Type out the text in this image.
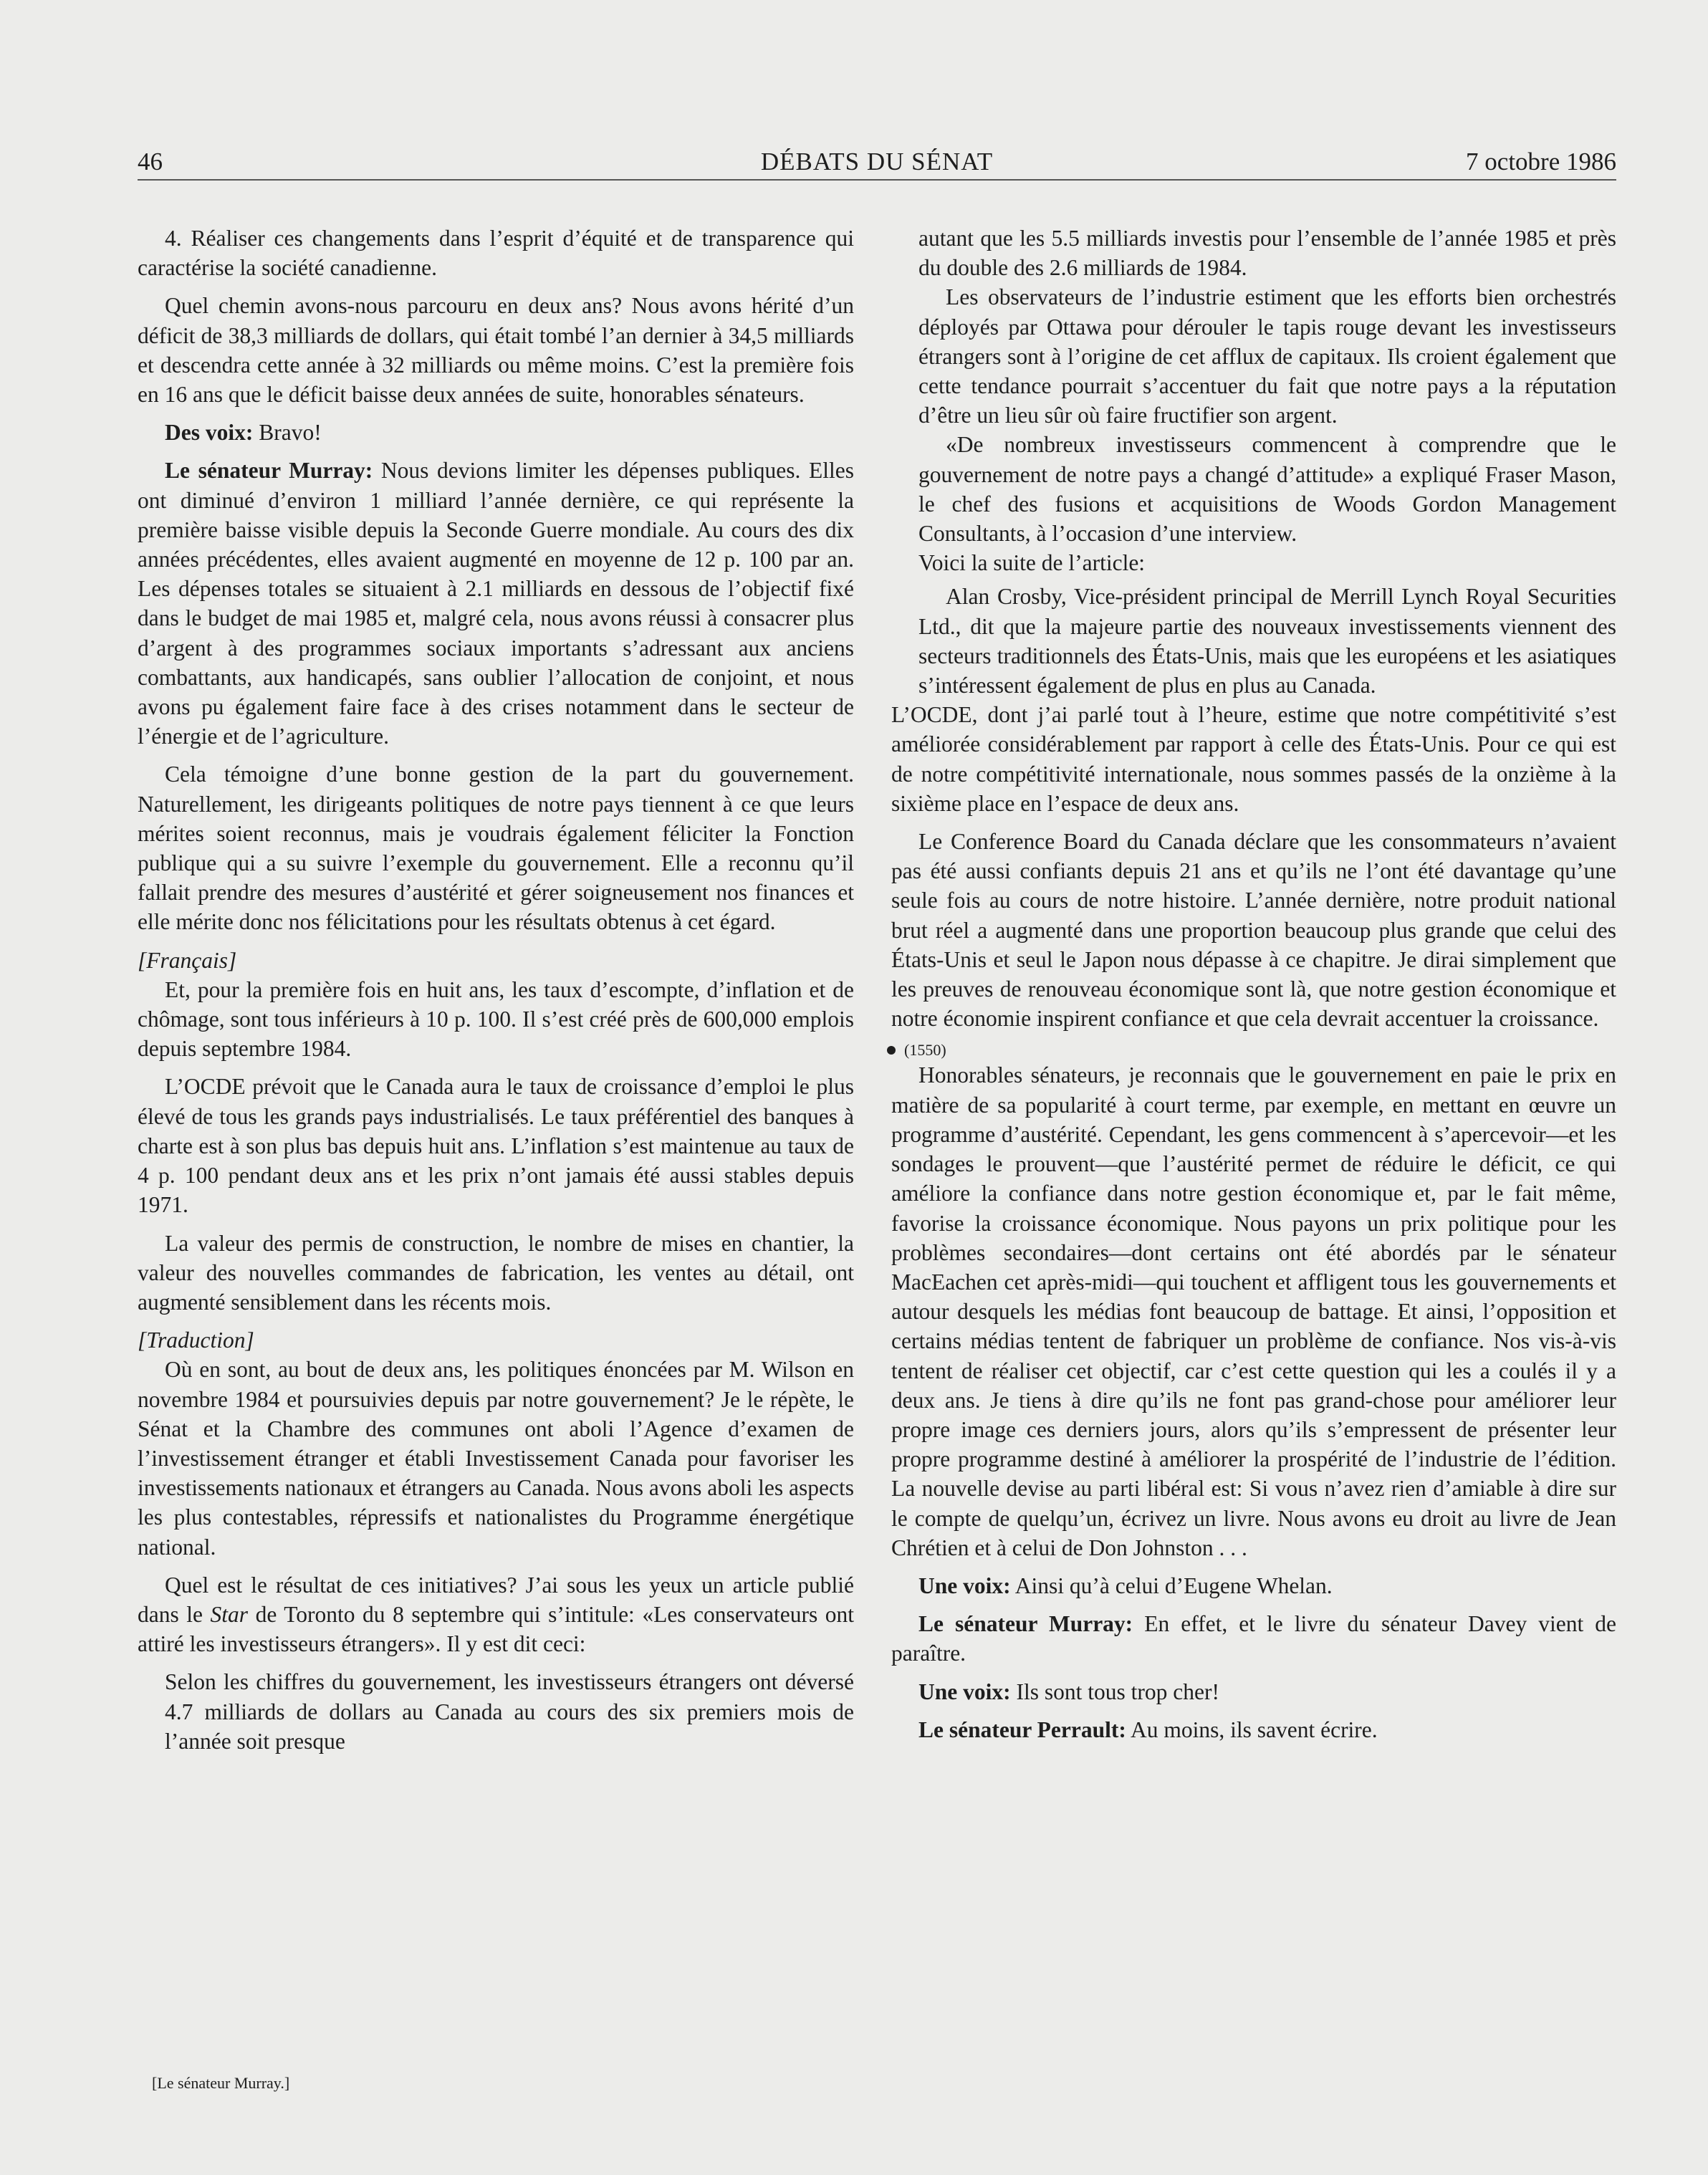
46	DÉBATS DU SÉNAT	7 octobre 1986

4. Réaliser ces changements dans l’esprit d’équité et de transparence qui caractérise la société canadienne.

Quel chemin avons-nous parcouru en deux ans? Nous avons hérité d’un déficit de 38,3 milliards de dollars, qui était tombé l’an dernier à 34,5 milliards et descendra cette année à 32 milliards ou même moins. C’est la première fois en 16 ans que le déficit baisse deux années de suite, honorables sénateurs.

Des voix: Bravo!

Le sénateur Murray: Nous devions limiter les dépenses publiques. Elles ont diminué d’environ 1 milliard l’année dernière, ce qui représente la première baisse visible depuis la Seconde Guerre mondiale. Au cours des dix années précédentes, elles avaient augmenté en moyenne de 12 p. 100 par an. Les dépenses totales se situaient à 2.1 milliards en dessous de l’objectif fixé dans le budget de mai 1985 et, malgré cela, nous avons réussi à consacrer plus d’argent à des programmes sociaux importants s’adressant aux anciens combattants, aux handicapés, sans oublier l’allocation de conjoint, et nous avons pu également faire face à des crises notamment dans le secteur de l’énergie et de l’agriculture.

Cela témoigne d’une bonne gestion de la part du gouvernement. Naturellement, les dirigeants politiques de notre pays tiennent à ce que leurs mérites soient reconnus, mais je voudrais également féliciter la Fonction publique qui a su suivre l’exemple du gouvernement. Elle a reconnu qu’il fallait prendre des mesures d’austérité et gérer soigneusement nos finances et elle mérite donc nos félicitations pour les résultats obtenus à cet égard.

[Français]

Et, pour la première fois en huit ans, les taux d’escompte, d’inflation et de chômage, sont tous inférieurs à 10 p. 100. Il s’est créé près de 600,000 emplois depuis septembre 1984.

L’OCDE prévoit que le Canada aura le taux de croissance d’emploi le plus élevé de tous les grands pays industrialisés. Le taux préférentiel des banques à charte est à son plus bas depuis huit ans. L’inflation s’est maintenue au taux de 4 p. 100 pendant deux ans et les prix n’ont jamais été aussi stables depuis 1971.

La valeur des permis de construction, le nombre de mises en chantier, la valeur des nouvelles commandes de fabrication, les ventes au détail, ont augmenté sensiblement dans les récents mois.

[Traduction]

Où en sont, au bout de deux ans, les politiques énoncées par M. Wilson en novembre 1984 et poursuivies depuis par notre gouvernement? Je le répète, le Sénat et la Chambre des communes ont aboli l’Agence d’examen de l’investissement étranger et établi Investissement Canada pour favoriser les investissements nationaux et étrangers au Canada. Nous avons aboli les aspects les plus contestables, répressifs et nationalistes du Programme énergétique national.

Quel est le résultat de ces initiatives? J’ai sous les yeux un article publié dans le Star de Toronto du 8 septembre qui s’intitule: «Les conservateurs ont attiré les investisseurs étrangers». Il y est dit ceci:

Selon les chiffres du gouvernement, les investisseurs étrangers ont déversé 4.7 milliards de dollars au Canada au cours des six premiers mois de l’année soit presque
autant que les 5.5 milliards investis pour l’ensemble de l’année 1985 et près du double des 2.6 milliards de 1984.
Les observateurs de l’industrie estiment que les efforts bien orchestrés déployés par Ottawa pour dérouler le tapis rouge devant les investisseurs étrangers sont à l’origine de cet afflux de capitaux. Ils croient également que cette tendance pourrait s’accentuer du fait que notre pays a la réputation d’être un lieu sûr où faire fructifier son argent.
«De nombreux investisseurs commencent à comprendre que le gouvernement de notre pays a changé d’attitude» a expliqué Fraser Mason, le chef des fusions et acquisitions de Woods Gordon Management Consultants, à l’occasion d’une interview.

Voici la suite de l’article:

Alan Crosby, Vice-président principal de Merrill Lynch Royal Securities Ltd., dit que la majeure partie des nouveaux investissements viennent des secteurs traditionnels des États-Unis, mais que les européens et les asiatiques s’intéressent également de plus en plus au Canada.

L’OCDE, dont j’ai parlé tout à l’heure, estime que notre compétitivité s’est améliorée considérablement par rapport à celle des États-Unis. Pour ce qui est de notre compétitivité internationale, nous sommes passés de la onzième à la sixième place en l’espace de deux ans.

Le Conference Board du Canada déclare que les consommateurs n’avaient pas été aussi confiants depuis 21 ans et qu’ils ne l’ont été davantage qu’une seule fois au cours de notre histoire. L’année dernière, notre produit national brut réel a augmenté dans une proportion beaucoup plus grande que celui des États-Unis et seul le Japon nous dépasse à ce chapitre. Je dirai simplement que les preuves de renouveau économique sont là, que notre gestion économique et notre économie inspirent confiance et que cela devrait accentuer la croissance.

(1550)

Honorables sénateurs, je reconnais que le gouvernement en paie le prix en matière de sa popularité à court terme, par exemple, en mettant en œuvre un programme d’austérité. Cependant, les gens commencent à s’apercevoir—et les sondages le prouvent—que l’austérité permet de réduire le déficit, ce qui améliore la confiance dans notre gestion économique et, par le fait même, favorise la croissance économique. Nous payons un prix politique pour les problèmes secondaires—dont certains ont été abordés par le sénateur MacEachen cet après-midi—qui touchent et affligent tous les gouvernements et autour desquels les médias font beaucoup de battage. Et ainsi, l’opposition et certains médias tentent de fabriquer un problème de confiance. Nos vis-à-vis tentent de réaliser cet objectif, car c’est cette question qui les a coulés il y a deux ans. Je tiens à dire qu’ils ne font pas grand-chose pour améliorer leur propre image ces derniers jours, alors qu’ils s’empressent de présenter leur propre programme destiné à améliorer la prospérité de l’industrie de l’édition. La nouvelle devise au parti libéral est: Si vous n’avez rien d’amiable à dire sur le compte de quelqu’un, écrivez un livre. Nous avons eu droit au livre de Jean Chrétien et à celui de Don Johnston . . .

Une voix: Ainsi qu’à celui d’Eugene Whelan.

Le sénateur Murray: En effet, et le livre du sénateur Davey vient de paraître.

Une voix: Ils sont tous trop cher!

Le sénateur Perrault: Au moins, ils savent écrire.

[Le sénateur Murray.]
